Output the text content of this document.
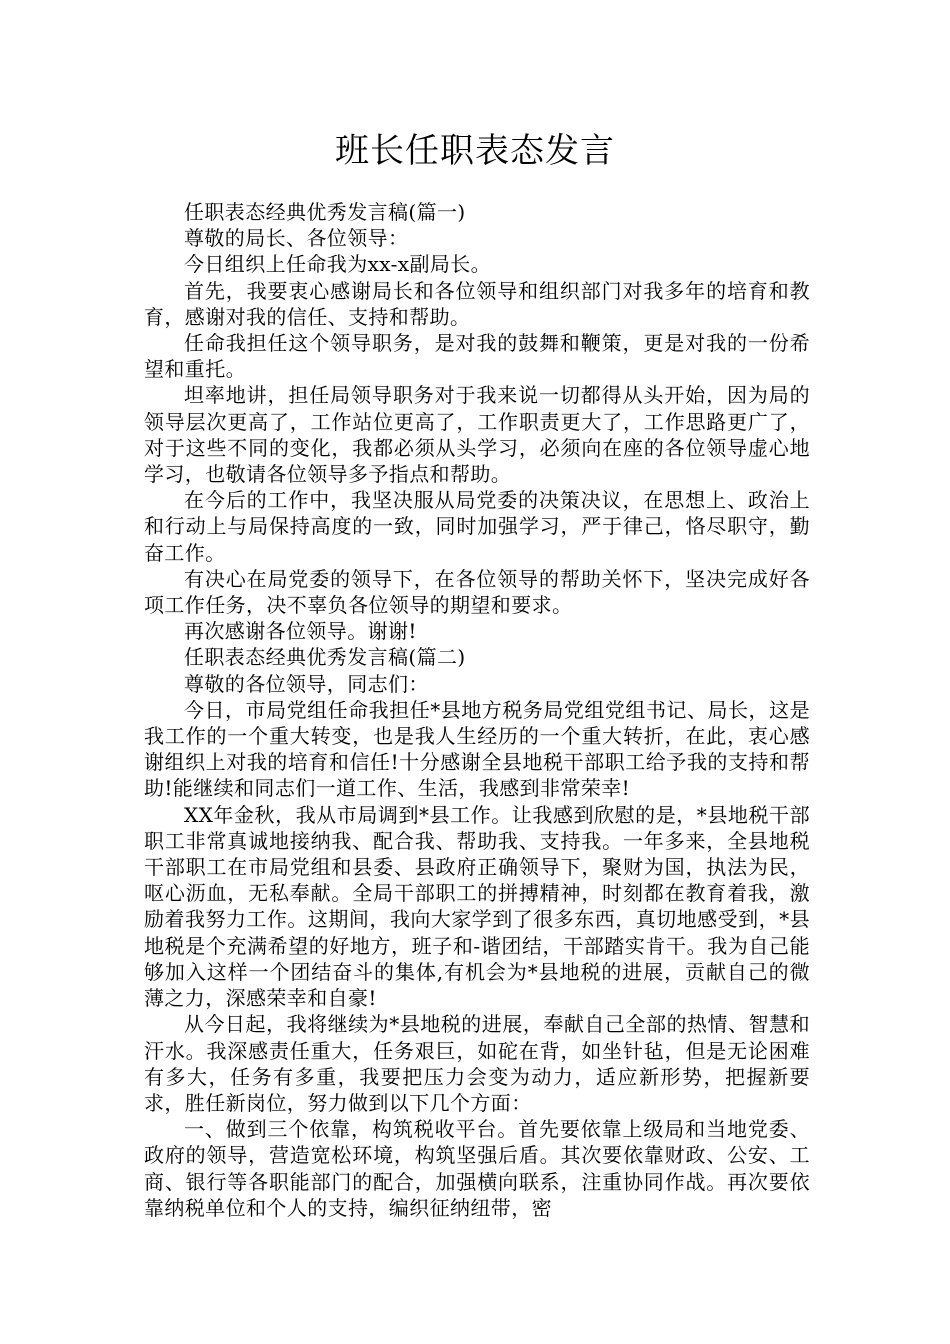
班长任职表态发言

任职表态经典优秀发言稿(篇一)

尊敬的局长、各位领导：

今日组织上任命我为xx-x副局长。

首先，我要衷心感谢局长和各位领导和组织部门对我多年的培育和教育，感谢对我的信任、支持和帮助。

任命我担任这个领导职务，是对我的鼓舞和鞭策，更是对我的一份希望和重托。

坦率地讲，担任局领导职务对于我来说一切都得从头开始，因为局的领导层次更高了，工作站位更高了，工作职责更大了，工作思路更广了，对于这些不同的变化，我都必须从头学习，必须向在座的各位领导虚心地学习，也敬请各位领导多予指点和帮助。

在今后的工作中，我坚决服从局党委的决策决议，在思想上、政治上和行动上与局保持高度的一致，同时加强学习，严于律己，恪尽职守，勤奋工作。

有决心在局党委的领导下，在各位领导的帮助关怀下，坚决完成好各项工作任务，决不辜负各位领导的期望和要求。

再次感谢各位领导。谢谢!

任职表态经典优秀发言稿(篇二)

尊敬的各位领导，同志们：

今日，市局党组任命我担任*县地方税务局党组党组书记、局长，这是我工作的一个重大转变，也是我人生经历的一个重大转折，在此，衷心感谢组织上对我的培育和信任!十分感谢全县地税干部职工给予我的支持和帮助!能继续和同志们一道工作、生活，我感到非常荣幸!

XX年金秋，我从市局调到*县工作。让我感到欣慰的是，*县地税干部职工非常真诚地接纳我、配合我、帮助我、支持我。一年多来，全县地税干部职工在市局党组和县委、县政府正确领导下，聚财为国，执法为民，呕心沥血，无私奉献。全局干部职工的拼搏精神，时刻都在教育着我，激励着我努力工作。这期间，我向大家学到了很多东西，真切地感受到，*县地税是个充满希望的好地方，班子和-谐团结，干部踏实肯干。我为自己能够加入这样一个团结奋斗的集体,有机会为*县地税的进展，贡献自己的微薄之力，深感荣幸和自豪!

从今日起，我将继续为*县地税的进展，奉献自己全部的热情、智慧和汗水。我深感责任重大，任务艰巨，如砣在背，如坐针毡，但是无论困难有多大，任务有多重，我要把压力会变为动力，适应新形势，把握新要求，胜任新岗位，努力做到以下几个方面：

一、做到三个依靠，构筑税收平台。首先要依靠上级局和当地党委、政府的领导，营造宽松环境，构筑坚强后盾。其次要依靠财政、公安、工商、银行等各职能部门的配合，加强横向联系，注重协同作战。再次要依靠纳税单位和个人的支持，编织征纳纽带，密
